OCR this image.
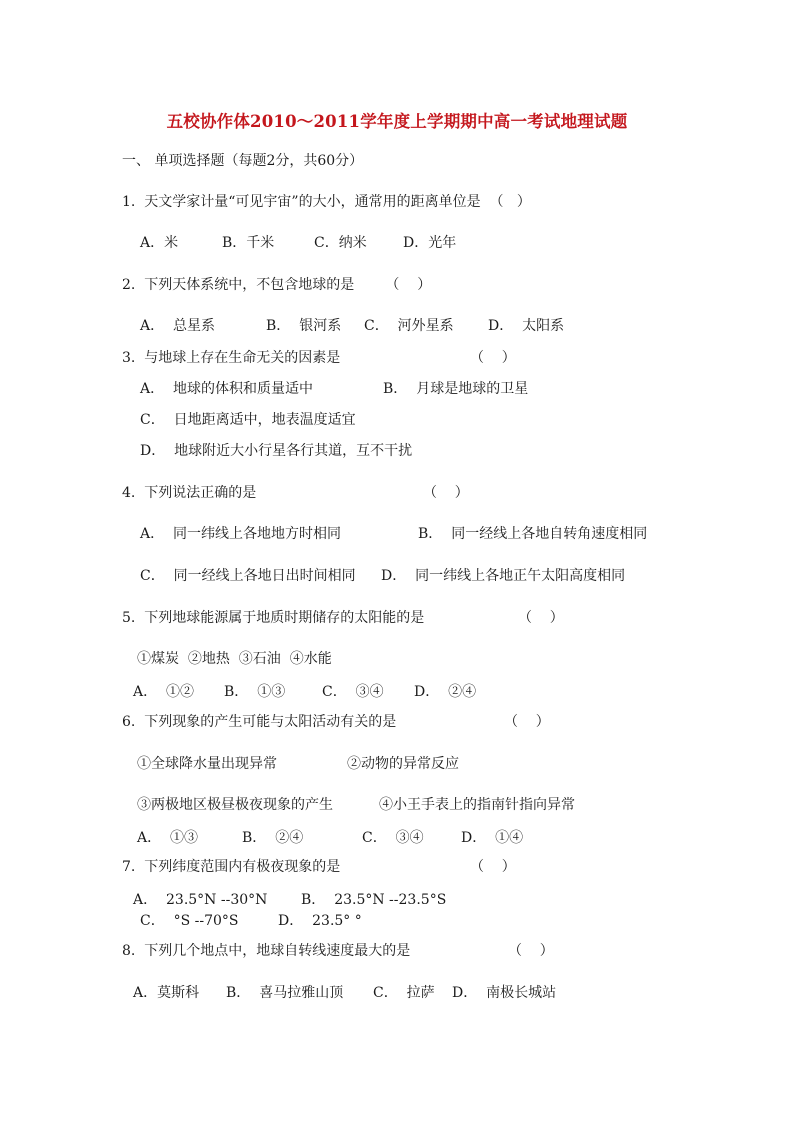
五校协作体2010～2011学年度上学期期中高一考试地理试题
一、 单项选择题（每题2分，共60分）
1.  天文学家计量“可见宇宙”的大小，通常用的距离单位是  （   ）
A．米	B．千米	C．纳米	D．光年
2.  下列天体系统中，不包含地球的是       （    ）
A．  总星系	B．  银河系 C．  河外星系 D．  太阳系
3.  与地球上存在生命无关的因素是	（    ）
A．  地球的体积和质量适中	B．  月球是地球的卫星
C．  日地距离适中，地表温度适宜
D．  地球附近大小行星各行其道，互不干扰
4.  下列说法正确的是	（    ）
A．  同一纬线上各地地方时相同	B．  同一经线上各地自转角速度相同
C．  同一经线上各地日出时间相同 D．  同一纬线上各地正午太阳高度相同
5.  下列地球能源属于地质时期储存的太阳能的是	（    ）
①煤炭  ②地热  ③石油  ④水能
A．  ①② B．  ①③	C．  ③④ D．  ②④
6.  下列现象的产生可能与太阳活动有关的是	（    ）
①全球降水量出现异常	②动物的异常反应
③两极地区极昼极夜现象的产生	④小王手表上的指南针指向异常
A．  ①③	B．  ②④	C．  ③④	D．  ①④
7.  下列纬度范围内有极夜现象的是	（    ）
A．  23.5°N --30°N B．  23.5°N --23.5°S
C．  °S --70°S	D．  23.5° °
8.  下列几个地点中，地球自转线速度最大的是	（    ）
A．莫斯科 B．  喜马拉雅山顶 C．  拉萨 D．  南极长城站
